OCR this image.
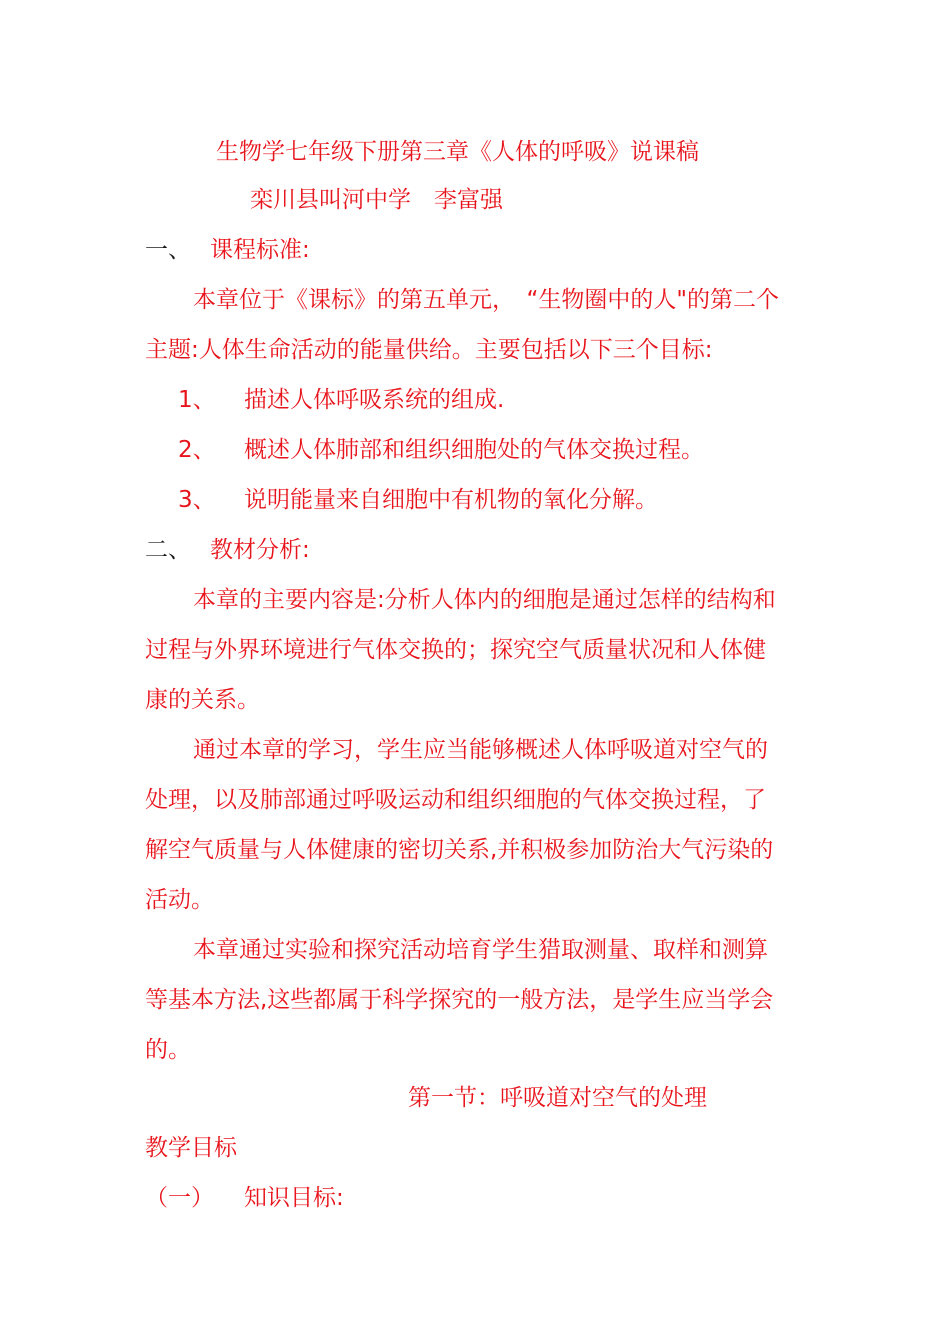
生物学七年级下册第三章《人体的呼吸》说课稿
栾川县叫河中学　李富强
一、 课程标准:
本章位于《课标》的第五单元，　“生物圈中的人"的第二个
主题:人体生命活动的能量供给。主要包括以下三个目标:
1、 描述人体呼吸系统的组成.
2、 概述人体肺部和组织细胞处的气体交换过程。
3、 说明能量来自细胞中有机物的氧化分解。
二、 教材分析:
本章的主要内容是:分析人体内的细胞是通过怎样的结构和
过程与外界环境进行气体交换的；探究空气质量状况和人体健
康的关系。
通过本章的学习，学生应当能够概述人体呼吸道对空气的
处理，以及肺部通过呼吸运动和组织细胞的气体交换过程，了
解空气质量与人体健康的密切关系,并积极参加防治大气污染的
活动。
本章通过实验和探究活动培育学生猎取测量、取样和测算
等基本方法,这些都属于科学探究的一般方法，是学生应当学会
的。
第一节：呼吸道对空气的处理
教学目标
（一） 知识目标:
